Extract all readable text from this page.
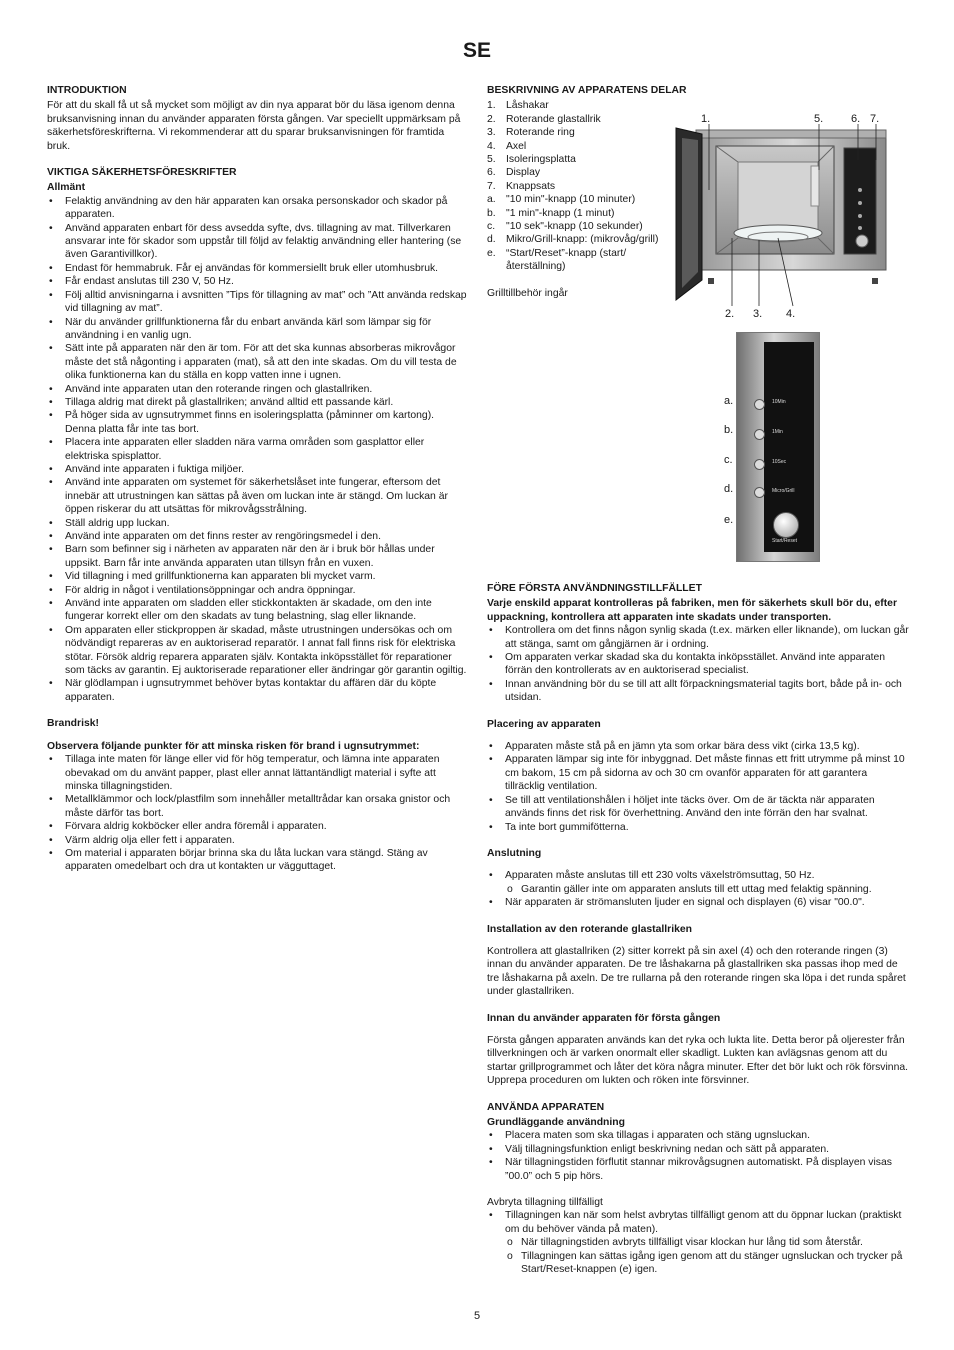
SE
INTRODUKTION

För att du skall få ut så mycket som möjligt av din nya apparat bör du läsa igenom denna bruksanvisning innan du använder apparaten första gången. Var speciellt uppmärksam på säkerhetsföreskrifterna. Vi rekommenderar att du sparar bruksanvisningen för framtida bruk.

VIKTIGA SÄKERHETSFÖRESKRIFTER
Allmänt
• Felaktig användning av den här apparaten kan orsaka personskador och skador på apparaten.
• Använd apparaten enbart för dess avsedda syfte, dvs. tillagning av mat. Tillverkaren ansvarar inte för skador som uppstår till följd av felaktig användning eller hantering (se även Garantivillkor).
• Endast för hemmabruk. Får ej användas för kommersiellt bruk eller utomhusbruk.
• Får endast anslutas till 230 V, 50 Hz.
• Följ alltid anvisningarna i avsnitten ”Tips för tillagning av mat” och ”Att använda redskap vid tillagning av mat”.
• När du använder grillfunktionerna får du enbart använda kärl som lämpar sig för användning i en vanlig ugn.
• Sätt inte på apparaten när den är tom. För att det ska kunnas absorberas mikrovågor måste det stå någonting i apparaten (mat), så att den inte skadas. Om du vill testa de olika funktionerna kan du ställa en kopp vatten inne i ugnen.
• Använd inte apparaten utan den roterande ringen och glastallriken.
• Tillaga aldrig mat direkt på glastallriken; använd alltid ett passande kärl.
• På höger sida av ugnsutrymmet finns en isoleringsplatta (påminner om kartong). Denna platta får inte tas bort.
• Placera inte apparaten eller sladden nära varma områden som gasplattor eller elektriska spisplattor.
• Använd inte apparaten i fuktiga miljöer.
• Använd inte apparaten om systemet för säkerhetslåset inte fungerar, eftersom det innebär att utrustningen kan sättas på även om luckan inte är stängd. Om luckan är öppen riskerar du att utsättas för mikrovågsstrålning.
• Ställ aldrig upp luckan.
• Använd inte apparaten om det finns rester av rengöringsmedel i den.
• Barn som befinner sig i närheten av apparaten när den är i bruk bör hållas under uppsikt. Barn får inte använda apparaten utan tillsyn från en vuxen.
• Vid tillagning i med grillfunktionerna kan apparaten bli mycket varm.
• För aldrig in något i ventilationsöppningar och andra öppningar.
• Använd inte apparaten om sladden eller stickkontakten är skadade, om den inte fungerar korrekt eller om den skadats av tung belastning, slag eller liknande.
• Om apparaten eller stickproppen är skadad, måste utrustningen undersökas och om nödvändigt repareras av en auktoriserad reparatör. I annat fall finns risk för elektriska stötar. Försök aldrig reparera apparaten själv. Kontakta inköpsstället för reparationer som täcks av garantin. Ej auktoriserade reparationer eller ändringar gör garantin ogiltig.
• När glödlampan i ugnsutrymmet behöver bytas kontaktar du affären där du köpte apparaten.
Brandrisk!
Observera följande punkter för att minska risken för brand i ugnsutrymmet:
• Tillaga inte maten för länge eller vid för hög temperatur, och lämna inte apparaten obevakad om du använt papper, plast eller annat lättantändligt material i syfte att minska tillagningstiden.
• Metallklämmor och lock/plastfilm som innehåller metalltrådar kan orsaka gnistor och måste därför tas bort.
• Förvara aldrig kokböcker eller andra föremål i apparaten.
• Värm aldrig olja eller fett i apparaten.
• Om material i apparaten börjar brinna ska du låta luckan vara stängd. Stäng av apparaten omedelbart och dra ut kontakten ur vägguttaget.
BESKRIVNING AV APPARATENS DELAR
1. Låshakar
2. Roterande glastallrik
3. Roterande ring
4. Axel
5. Isoleringsplatta
6. Display
7. Knappsats
a. "10 min"-knapp (10 minuter)
b. "1 min"-knapp (1 minut)
c. "10 sek"-knapp (10 sekunder)
d. Mikro/Grill-knapp: (mikrovåg/grill)
e. “Start/Reset”-knapp (start/ återställning)

Grilltillbehör ingår

1.	5.	6. 7.
2. 3. 4.
10Min
1Min
10Sec
Micro/Grill
Start/Reset
a.
b.
c.
d.
e.
FÖRE FÖRSTA ANVÄNDNINGSTILLFÄLLET

Varje enskild apparat kontrolleras på fabriken, men för säkerhets skull bör du, efter uppackning, kontrollera att apparaten inte skadats under transporten.

• Kontrollera om det finns någon synlig skada (t.ex. märken eller liknande), om luckan går att stänga, samt om gångjärnen är i ordning.
• Om apparaten verkar skadad ska du kontakta inköpsstället. Använd inte apparaten förrän den kontrollerats av en auktoriserad specialist.
• Innan användning bör du se till att allt förpackningsmaterial tagits bort, både på in- och utsidan.
Placering av apparaten
• Apparaten måste stå på en jämn yta som orkar bära dess vikt (cirka 13,5 kg).
• Apparaten lämpar sig inte för inbyggnad. Det måste finnas ett fritt utrymme på minst 10 cm bakom, 15 cm på sidorna av och 30 cm ovanför apparaten för att garantera tillräcklig ventilation.
• Se till att ventilationshålen i höljet inte täcks över. Om de är täckta när apparaten används finns det risk för överhettning. Använd den inte förrän den har svalnat.
• Ta inte bort gummifötterna.
Anslutning
• Apparaten måste anslutas till ett 230 volts växelströmsuttag, 50 Hz.
o Garantin gäller inte om apparaten ansluts till ett uttag med felaktig spänning.
• När apparaten är strömansluten ljuder en signal och displayen (6) visar "00.0".
Installation av den roterande glastallriken

Kontrollera att glastallriken (2) sitter korrekt på sin axel (4) och den roterande ringen (3) innan du använder apparaten. De tre låshakarna på glastallriken ska passas ihop med de tre låshakarna på axeln. De tre rullarna på den roterande ringen ska löpa i det runda spåret under glastallriken.

Innan du använder apparaten för första gången

Första gången apparaten används kan det ryka och lukta lite. Detta beror på oljerester från tillverkningen och är varken onormalt eller skadligt. Lukten kan avlägsnas genom att du startar grillprogrammet och låter det köra några minuter. Efter det bör lukt och rök försvinna. Upprepa proceduren om lukten och röken inte försvinner.

ANVÄNDA APPARATEN
Grundläggande användning
• Placera maten som ska tillagas i apparaten och stäng ugnsluckan.
• Välj tillagningsfunktion enligt beskrivning nedan och sätt på apparaten.
• När tillagningstiden förflutit stannar mikrovågsugnen automatiskt. På displayen visas ”00.0” och 5 pip hörs.

Avbryta tillagning tillfälligt

• Tillagningen kan när som helst avbrytas tillfälligt genom att du öppnar luckan (praktiskt om du behöver vända på maten).
o När tillagningstiden avbryts tillfälligt visar klockan hur lång tid som återstår.
o Tillagningen kan sättas igång igen genom att du stänger ugnsluckan och trycker på Start/Reset-knappen (e) igen.
5
